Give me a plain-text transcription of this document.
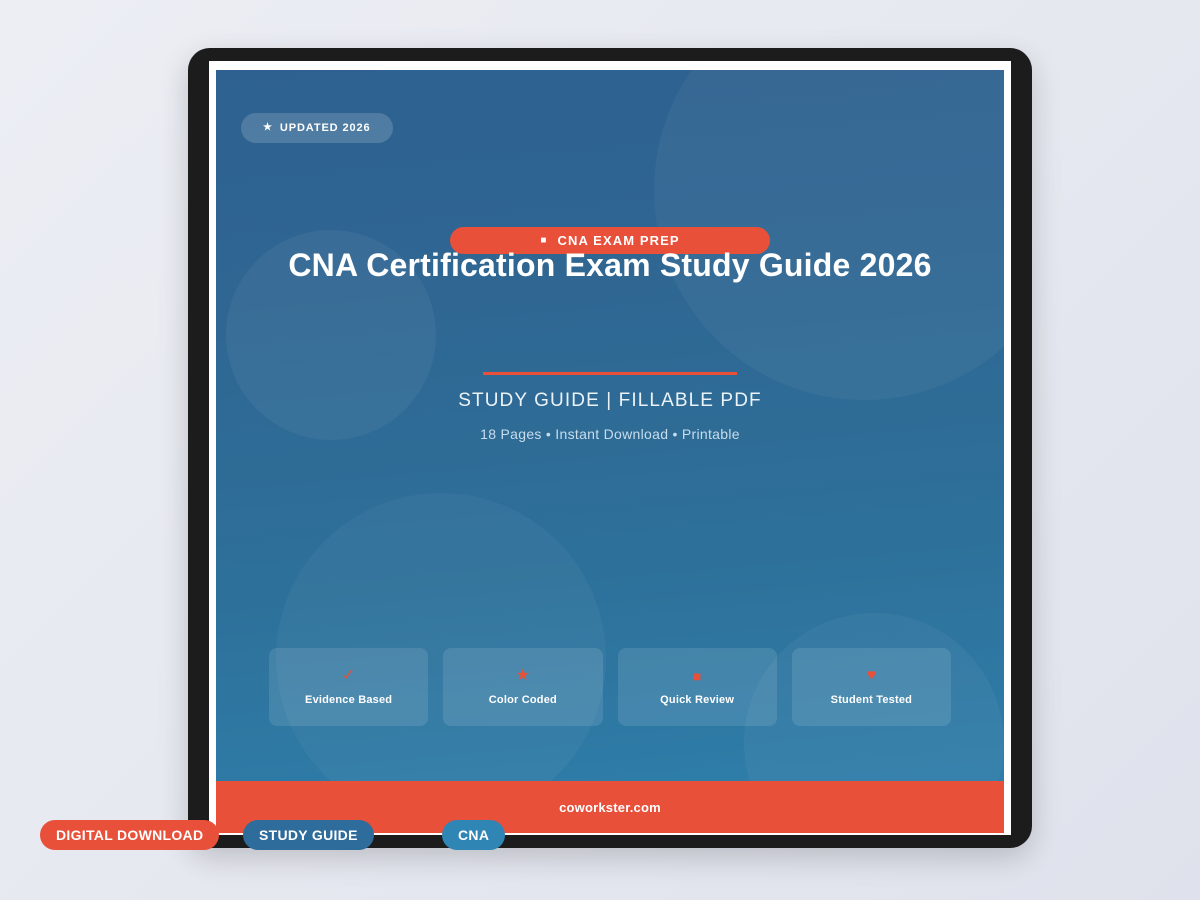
★ UPDATED 2026
■ CNA EXAM PREP
CNA Certification Exam Study Guide 2026
STUDY GUIDE | FILLABLE PDF
18 Pages • Instant Download • Printable
✓
Evidence Based
★
Color Coded
■
Quick Review
♥
Student Tested
coworkster.com
DIGITAL DOWNLOAD	STUDY GUIDE	CNA
